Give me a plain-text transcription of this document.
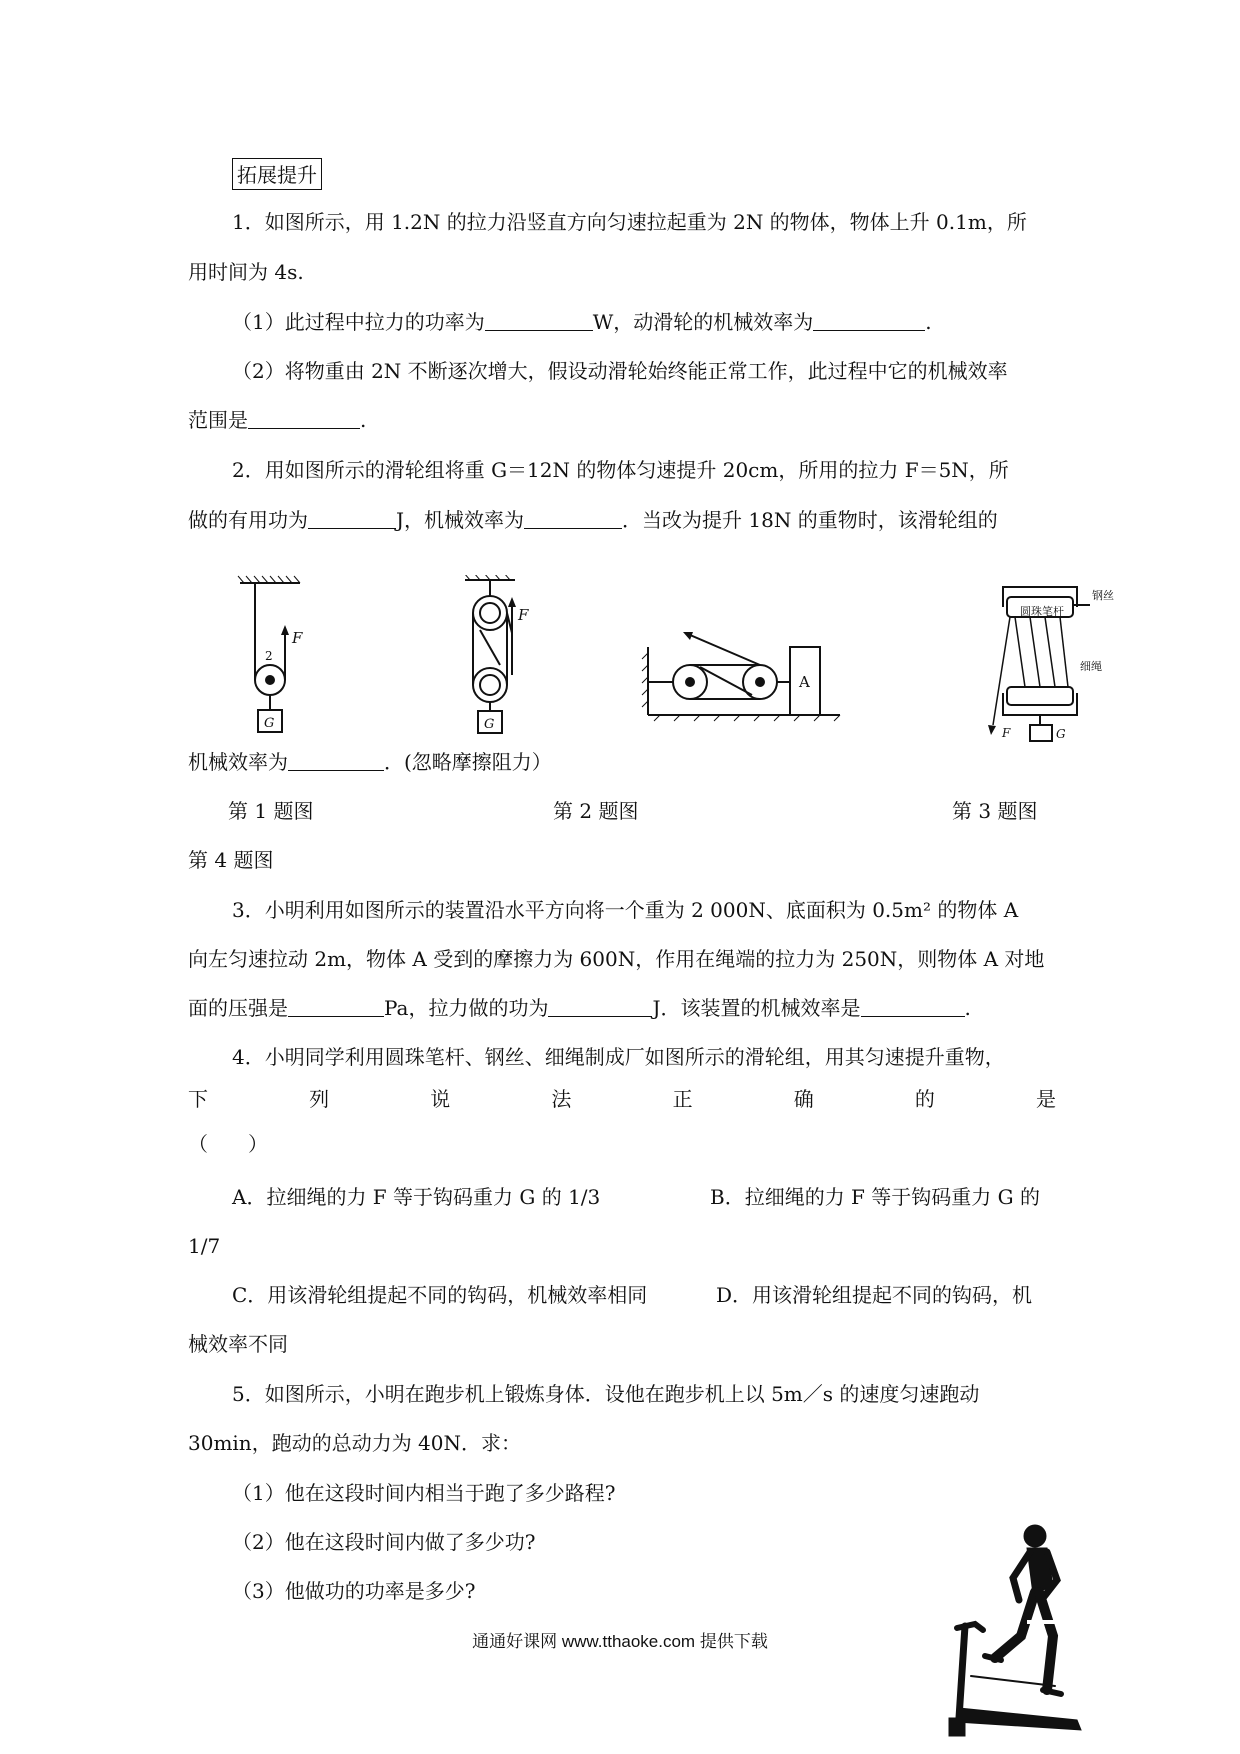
拓展提升
1．如图所示，用 1.2N 的拉力沿竖直方向匀速拉起重为 2N 的物体，物体上升 0.1m，所
用时间为 4s.
（1）此过程中拉力的功率为	W，动滑轮的机械效率为	.
（2）将物重由 2N 不断逐次增大，假设动滑轮始终能正常工作，此过程中它的机械效率
范围是	.
2．用如图所示的滑轮组将重 G＝12N 的物体匀速提升 20cm，所用的拉力 F＝5N，所
做的有用功为	J，机械效率为	．当改为提升 18N 的重物时，该滑轮组的
F
2
G
F
G
A
圆珠笔杆
钢丝
细绳
F	G
机械效率为	．(忽略摩擦阻力）
第 1 题图	第 2 题图	第 3 题图
第 4 题图
3．小明利用如图所示的装置沿水平方向将一个重为 2 000N、底面积为 0.5m² 的物体 A
向左匀速拉动 2m，物体 A 受到的摩擦力为 600N，作用在绳端的拉力为 250N，则物体 A 对地
面的压强是	Pa，拉力做的功为	J．该装置的机械效率是	.
4．小明同学利用圆珠笔杆、钢丝、细绳制成厂如图所示的滑轮组，用其匀速提升重物，
下	列	说	法	正	确	的	是
（　　）
A．拉细绳的力 F 等于钩码重力 G 的 1/3	B．拉细绳的力 F 等于钩码重力 G 的
1/7
C．用该滑轮组提起不同的钩码，机械效率相同	D．用该滑轮组提起不同的钩码，机
械效率不同
5．如图所示，小明在跑步机上锻炼身体．设他在跑步机上以 5m／s 的速度匀速跑动
30min，跑动的总动力为 40N．求：
（1）他在这段时间内相当于跑了多少路程?
（2）他在这段时间内做了多少功?
（3）他做功的功率是多少?
通通好课网 www.tthaoke.com 提供下载
